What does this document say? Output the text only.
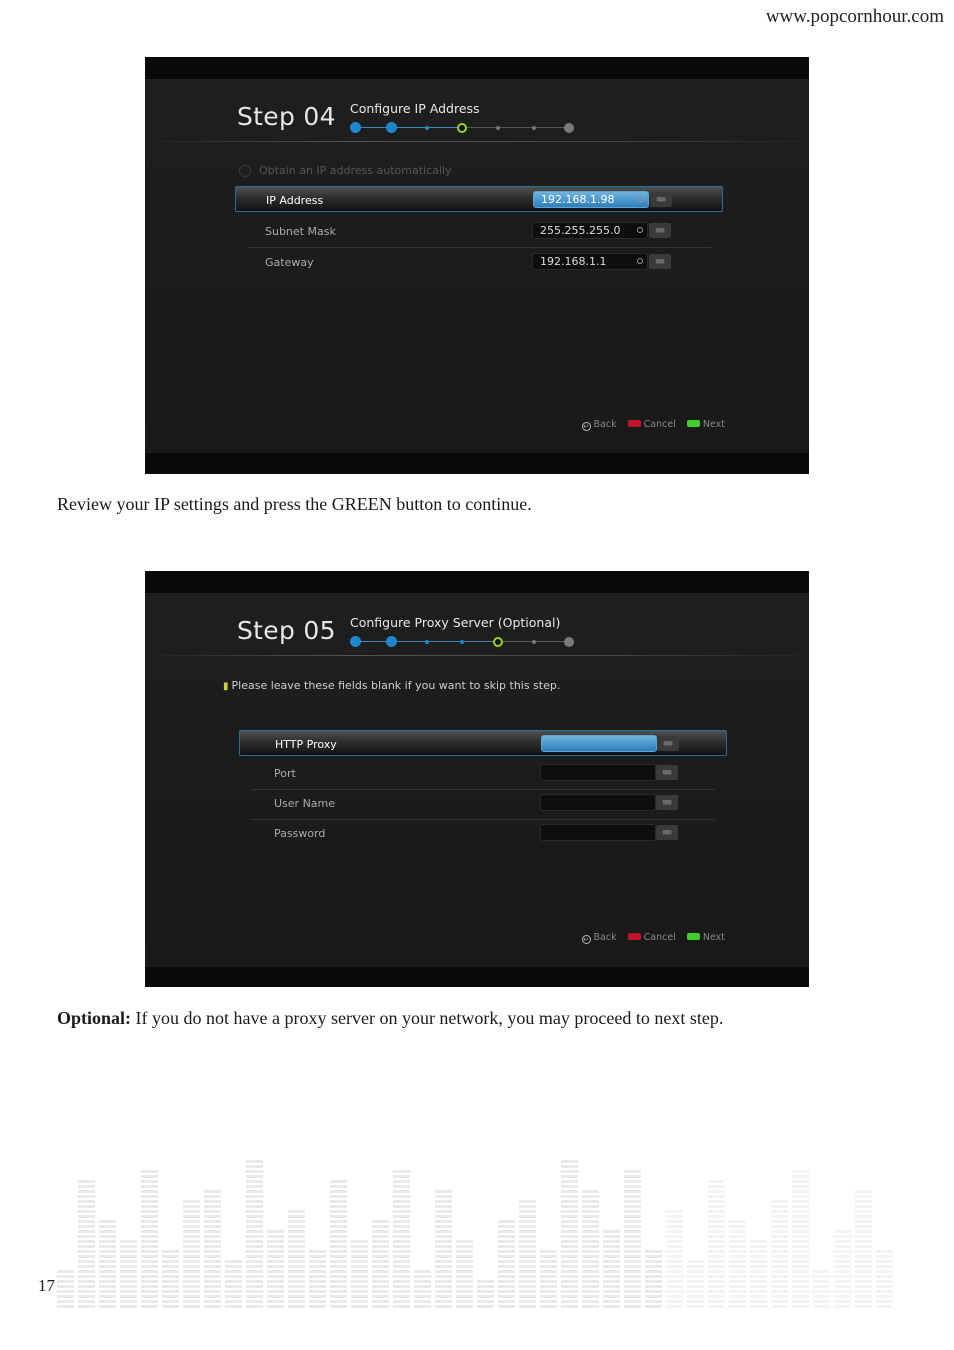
www.popcornhour.com
Step 04 Configure IP Address
Obtain an IP address automatically
IP Address	192.168.1.98	▩▩
Subnet Mask	255.255.255.0	▩▩
Gateway	192.168.1.1	▩▩
↩ Back	Cancel	Next
Review your IP settings and press the GREEN button to continue.
Step 05 Configure Proxy Server (Optional)
▮ Please leave these fields blank if you want to skip this step.
HTTP Proxy	▩▩
Port	▩▩
User Name	▩▩
Password	▩▩
↩ Back	Cancel	Next
Optional: If you do not have a proxy server on your network, you may proceed to next step.
17
